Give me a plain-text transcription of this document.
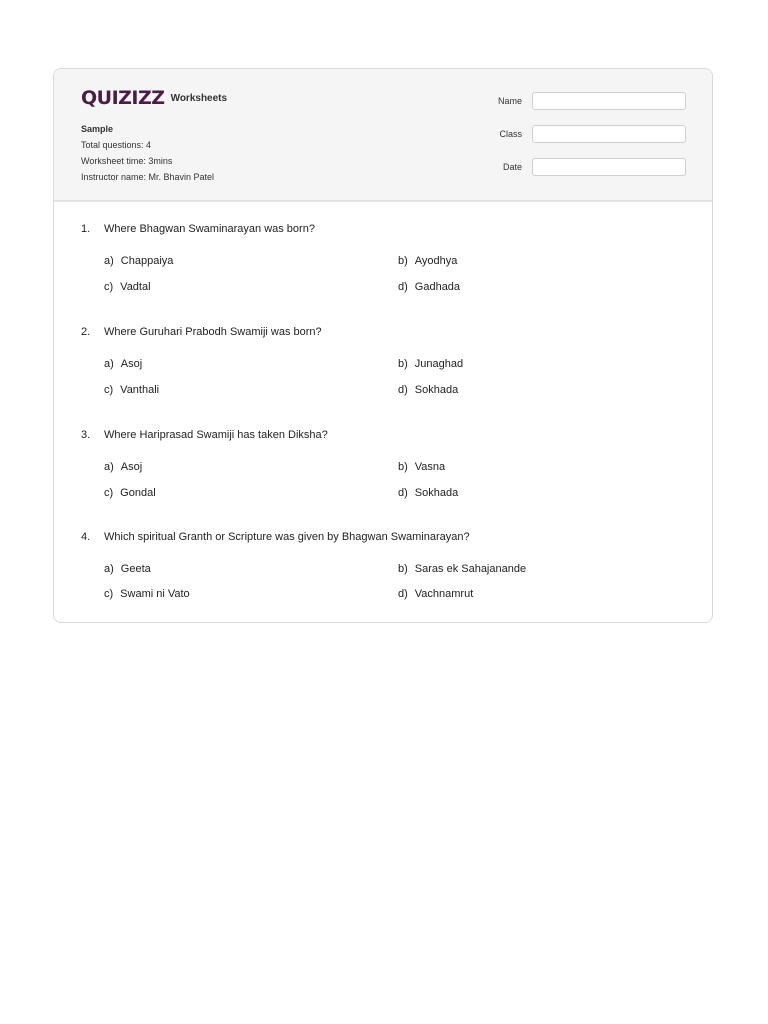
QUIZIZZ Worksheets
Sample
Total questions: 4
Worksheet time: 3mins
Instructor name: Mr. Bhavin Patel
Name
Class
Date
1. Where Bhagwan Swaminarayan was born?
a) Chappaiya	b) Ayodhya
c) Vadtal	d) Gadhada
2. Where Guruhari Prabodh Swamiji was born?
a) Asoj	b) Junaghad
c) Vanthali	d) Sokhada
3. Where Hariprasad Swamiji has taken Diksha?
a) Asoj	b) Vasna
c) Gondal	d) Sokhada
4. Which spiritual Granth or Scripture was given by Bhagwan Swaminarayan?
a) Geeta	b) Saras ek Sahajanande
c) Swami ni Vato	d) Vachnamrut
